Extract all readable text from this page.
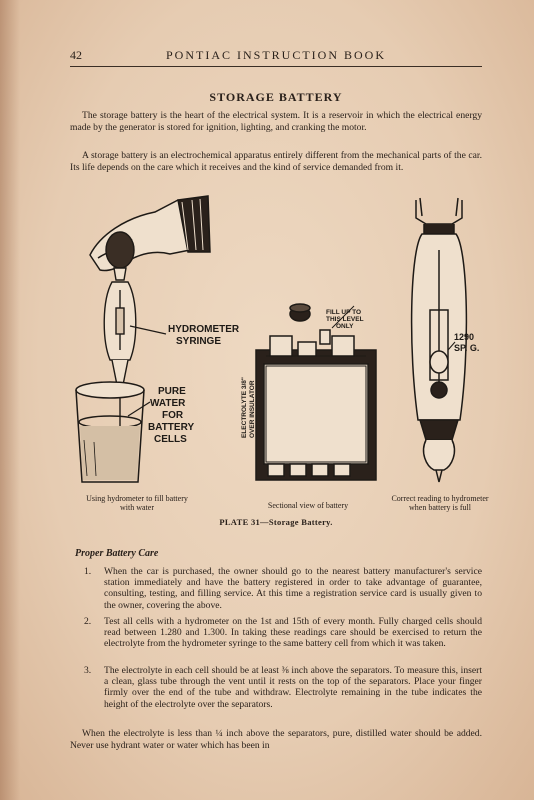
42	PONTIAC INSTRUCTION BOOK
STORAGE BATTERY

The storage battery is the heart of the electrical system. It is a reservoir in which the electrical energy made by the generator is stored for ignition, lighting, and cranking the motor.

A storage battery is an electrochemical apparatus entirely different from the mechanical parts of the car. Its life depends on the care which it receives and the kind of service demanded from it.

HYDROMETER
SYRINGE
PURE
WATER
FOR
BATTERY
CELLS
FILL UP TO
THIS LEVEL
ONLY
ELECTROLYTE 3/8" OVER INSULATOR
1290
SP. G.
Using hydrometer to fill battery with water	Sectional view of battery
Correct reading to hydrometer when battery is full
PLATE 31—Storage Battery.
Proper Battery Care
1.	When the car is purchased, the owner should go to the nearest battery manufacturer's service station immediately and have the battery registered in order to take advantage of guarantee, consulting, testing, and filling service. At this time a registration service card is usually given to the owner, covering the above.
2.	Test all cells with a hydrometer on the 1st and 15th of every month. Fully charged cells should read between 1.280 and 1.300. In taking these readings care should be exercised to return the electrolyte from the hydrometer syringe to the same battery cell from which it was taken.
3.	The electrolyte in each cell should be at least ⅜ inch above the separators. To measure this, insert a clean, glass tube through the vent until it rests on the top of the separators. Place your finger firmly over the end of the tube and withdraw. Electrolyte remaining in the tube indicates the height of the electrolyte over the separators.

When the electrolyte is less than ¼ inch above the separators, pure, distilled water should be added. Never use hydrant water or water which has been in
